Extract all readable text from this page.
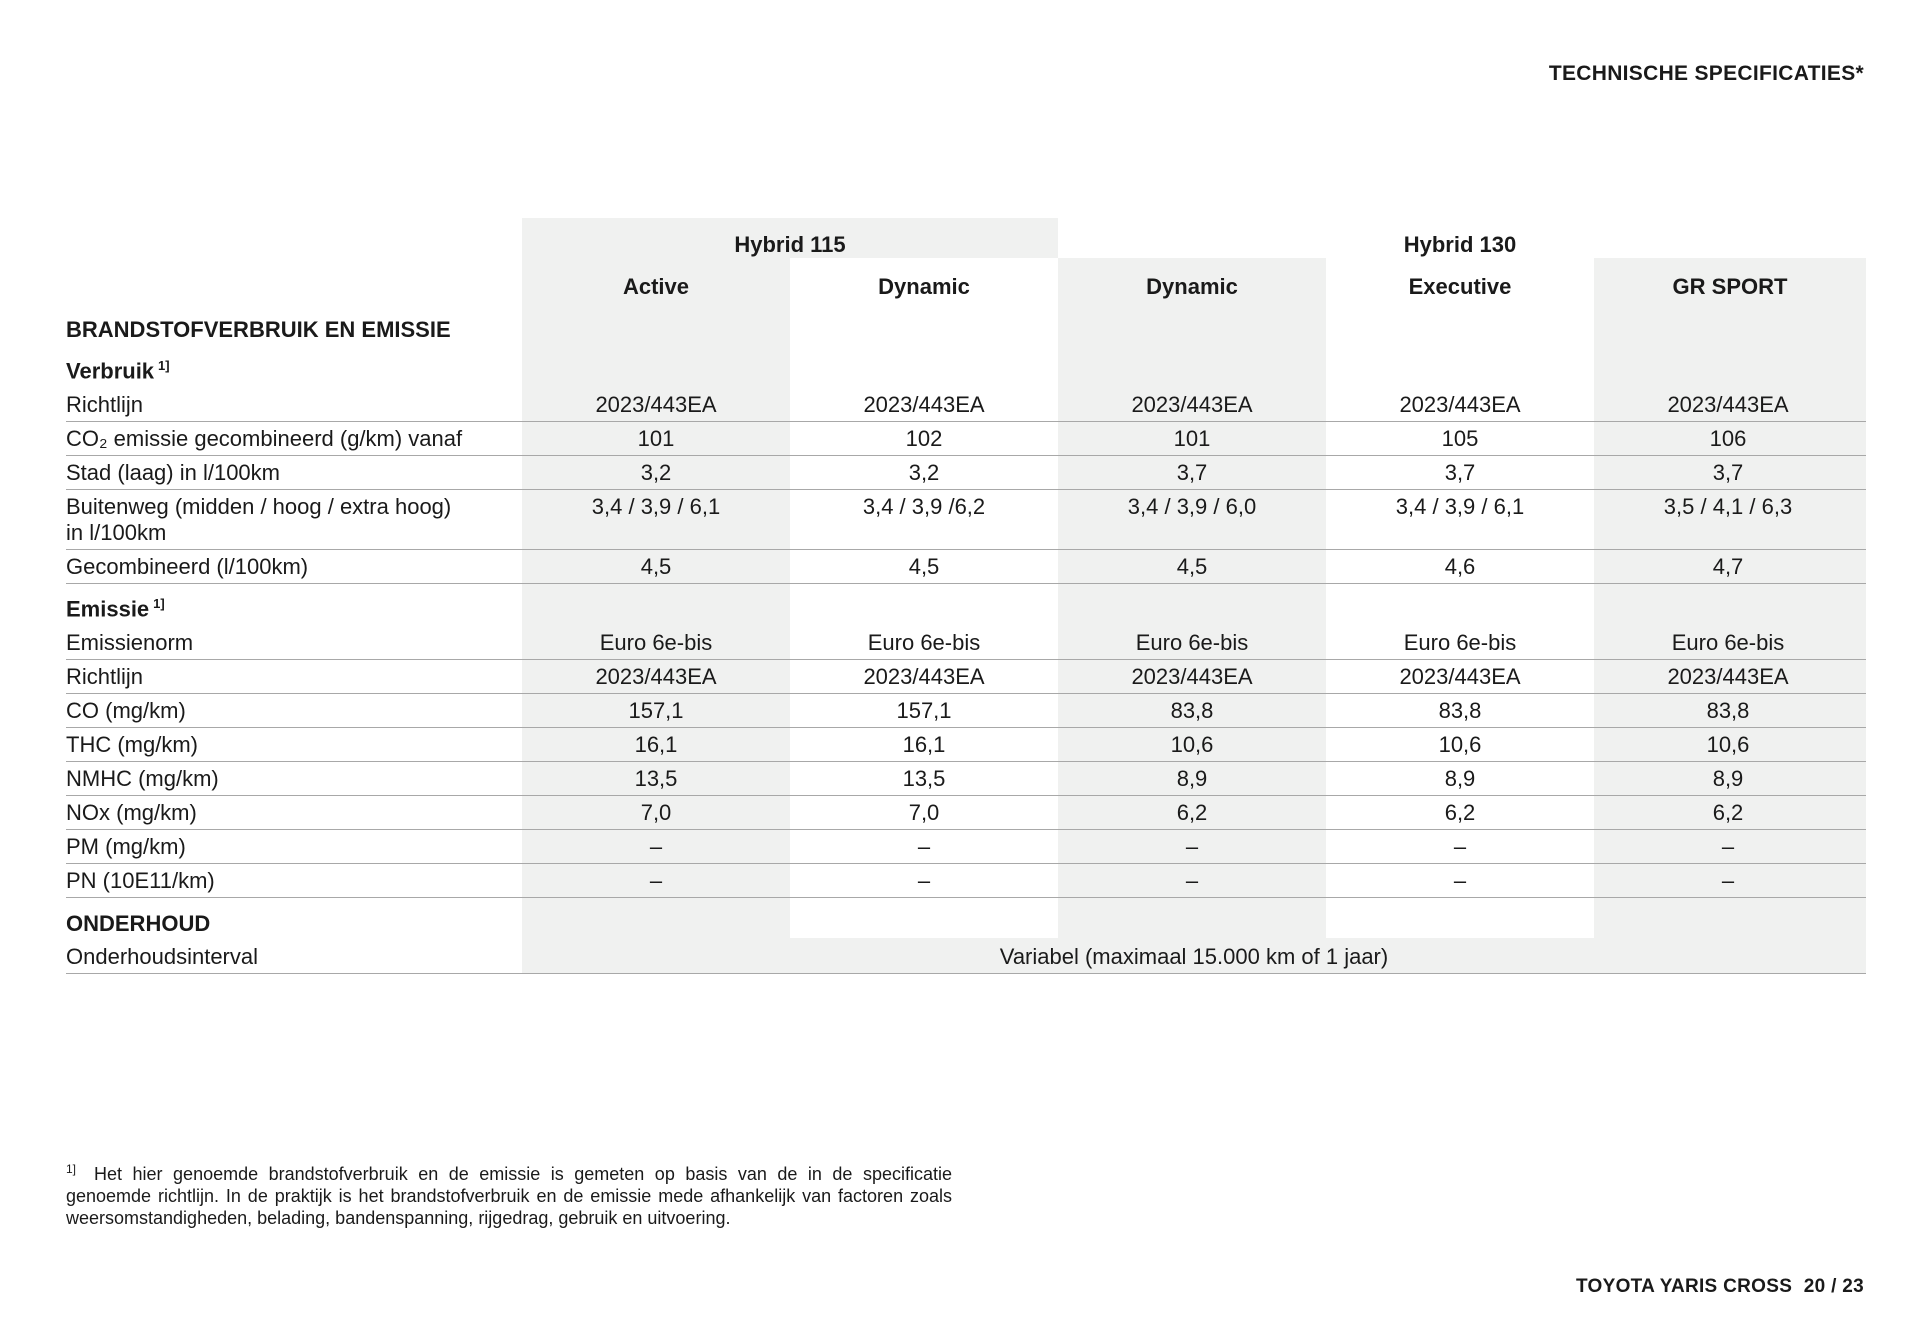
TECHNISCHE SPECIFICATIES*
Hybrid 115	Hybrid 130
Active	Dynamic	Dynamic	Executive	GR SPORT
BRANDSTOFVERBRUIK EN EMISSIE
Verbruik $^{1]}$
Richtlijn	2023/443EA	2023/443EA	2023/443EA	2023/443EA	2023/443EA
CO₂ emissie gecombineerd (g/km) vanaf	101	102	101	105	106
Stad (laag) in l/100km	3,2	3,2	3,7	3,7	3,7
Buitenweg (midden / hoog / extra hoog)
in l/100km
3,4 / 3,9 / 6,1	3,4 / 3,9 /6,2	3,4 / 3,9 / 6,0	3,4 / 3,9 / 6,1	3,5 / 4,1 / 6,3
Gecombineerd (l/100km)	4,5	4,5	4,5	4,6	4,7
Emissie $^{1]}$
Emissienorm	Euro 6e-bis	Euro 6e-bis	Euro 6e-bis	Euro 6e-bis	Euro 6e-bis
Richtlijn	2023/443EA	2023/443EA	2023/443EA	2023/443EA	2023/443EA
CO (mg/km)	157,1	157,1	83,8	83,8	83,8
THC (mg/km)	16,1	16,1	10,6	10,6	10,6
NMHC (mg/km)	13,5	13,5	8,9	8,9	8,9
NOx (mg/km)	7,0	7,0	6,2	6,2	6,2
PM (mg/km)	–	–	–	–	–
PN (10E11/km)	–	–	–	–	–
ONDERHOUD
Onderhoudsinterval	Variabel (maximaal 15.000 km of 1 jaar)
$^{1]}$ Het hier genoemde brandstofverbruik en de emissie is gemeten op basis van de in de specificatie genoemde richtlijn. In de praktijk is het brandstofverbruik en de emissie mede afhankelijk van factoren zoals weersomstandigheden, belading, bandenspanning, rijgedrag, gebruik en uitvoering.
TOYOTA YARIS CROSS 20 / 23
